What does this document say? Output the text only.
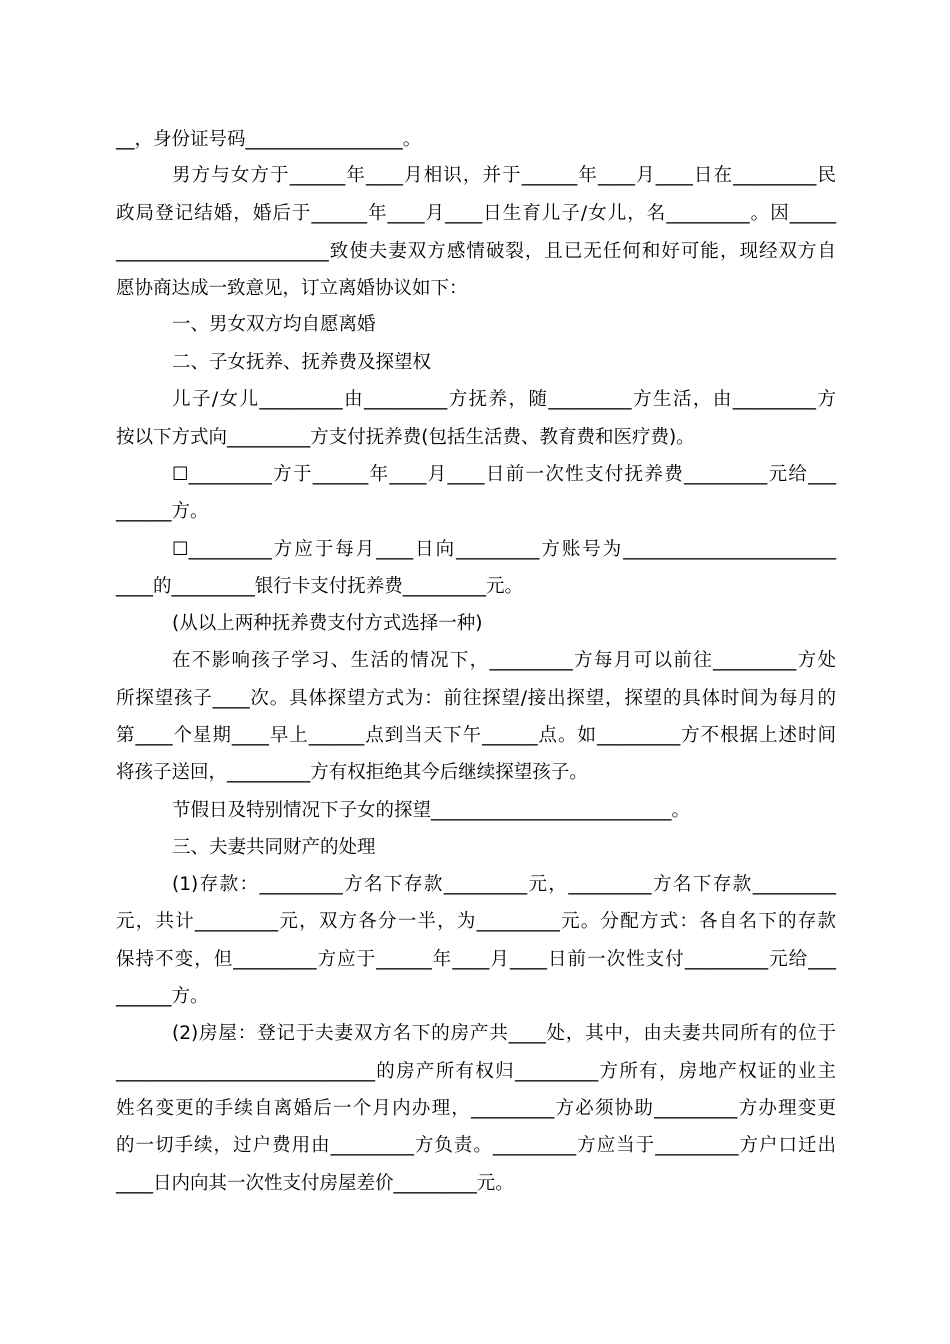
__，身份证号码_________________。
男方与女方于______年____月相识，并于______年____月____日在_________民
政局登记结婚，婚后于______年____月____日生育儿子/女儿，名_________。因_____
_______________________致使夫妻双方感情破裂，且已无任何和好可能，现经双方自
愿协商达成一致意见，订立离婚协议如下：
一、男女双方均自愿离婚
二、子女抚养、抚养费及探望权
儿子/女儿_________由_________方抚养，随_________方生活，由_________方
按以下方式向_________方支付抚养费(包括生活费、教育费和医疗费)。
☐_________方于______年____月____日前一次性支付抚养费_________元给___
______方。
☐_________方应于每月____日向_________方账号为_______________________
____的_________银行卡支付抚养费_________元。
(从以上两种抚养费支付方式选择一种)
在不影响孩子学习、生活的情况下，_________方每月可以前往_________方处
所探望孩子____次。具体探望方式为：前往探望/接出探望，探望的具体时间为每月的
第____个星期____早上______点到当天下午______点。如_________方不根据上述时间
将孩子送回，_________方有权拒绝其今后继续探望孩子。
节假日及特别情况下子女的探望__________________________。
三、夫妻共同财产的处理
(1)存款：_________方名下存款_________元，_________方名下存款_________
元，共计_________元，双方各分一半，为_________元。分配方式：各自名下的存款
保持不变，但_________方应于______年____月____日前一次性支付_________元给___
______方。
(2)房屋：登记于夫妻双方名下的房产共____处，其中，由夫妻共同所有的位于
____________________________的房产所有权归_________方所有，房地产权证的业主
姓名变更的手续自离婚后一个月内办理，_________方必须协助_________方办理变更
的一切手续，过户费用由_________方负责。_________方应当于_________方户口迁出
____日内向其一次性支付房屋差价_________元。
